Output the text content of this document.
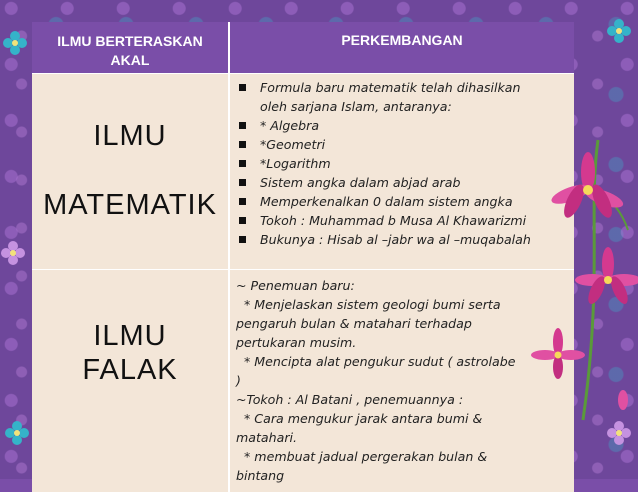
ILMU BERTERASKAN
AKAL
PERKEMBANGAN
ILMU
MATEMATIK
Formula baru matematik telah dihasilkan
oleh sarjana Islam, antaranya:
* Algebra
*Geometri
*Logarithm
Sistem angka dalam abjad arab
Memperkenalkan 0 dalam sistem angka
Tokoh : Muhammad b Musa Al Khawarizmi
Bukunya : Hisab al –jabr wa al –muqabalah
ILMU
FALAK
~ Penemuan baru:
* Menjelaskan sistem geologi bumi serta
pengaruh bulan & matahari terhadap
pertukaran musim.
* Mencipta alat pengukur sudut ( astrolabe
)
~Tokoh : Al Batani , penemuannya :
* Cara mengukur jarak antara bumi &
matahari.
* membuat jadual pergerakan bulan &
bintang
